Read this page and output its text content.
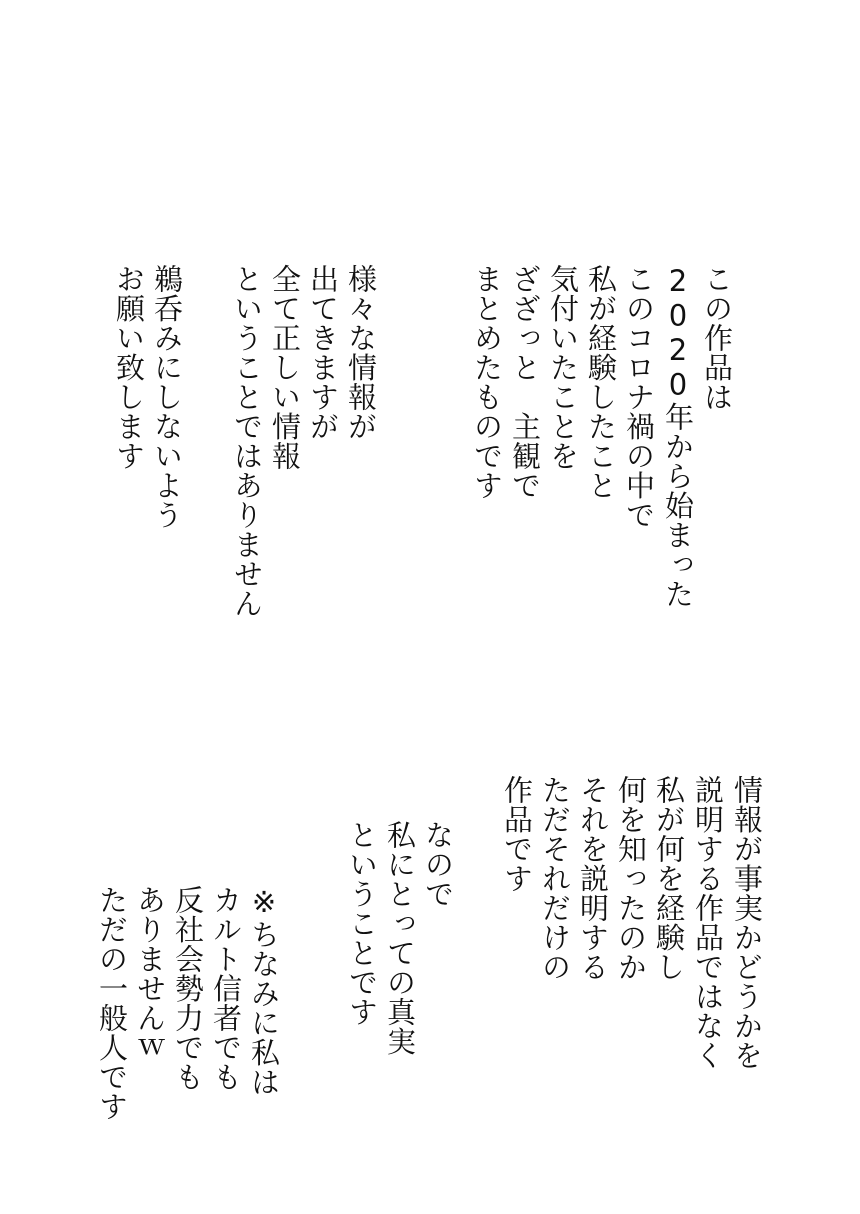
この作品は
2020年から始まった
このコロナ禍の中で
私が経験したこと
気付いたことを
ざざっと　主観で
まとめたものです
様々な情報が
出てきますが
全て正しい情報
ということではありません
鵜呑みにしないよう
お願い致します
情報が事実かどうかを
説明する作品ではなく
私が何を経験し
何を知ったのか
それを説明する
ただそれだけの
作品です
なので
私にとっての真実
ということです
※ちなみに私は
カルト信者でも
反社会勢力でも
ありませんｗ
ただの一般人です
